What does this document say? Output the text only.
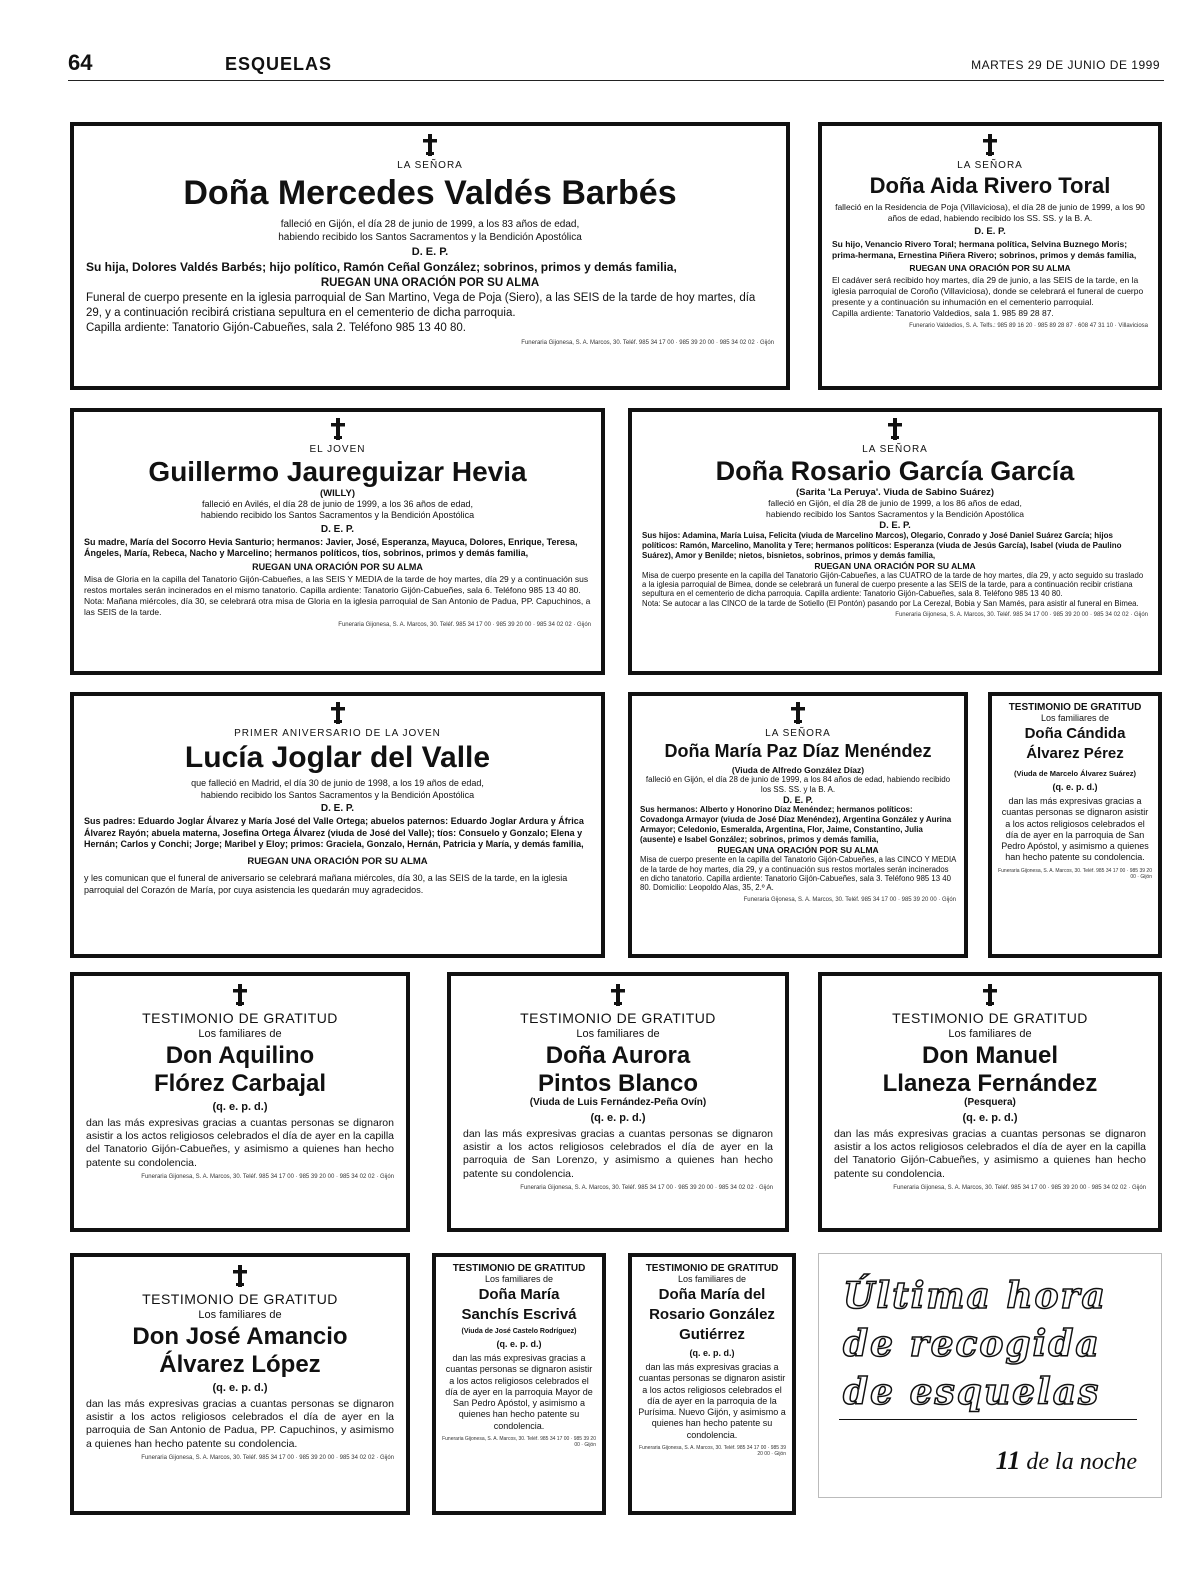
64	ESQUELAS	MARTES 29 DE JUNIO DE 1999
LA SEÑORA
Doña Mercedes Valdés Barbés
falleció en Gijón, el día 28 de junio de 1999, a los 83 años de edad,
habiendo recibido los Santos Sacramentos y la Bendición Apostólica
D. E. P.
Su hija, Dolores Valdés Barbés; hijo político, Ramón Ceñal González; sobrinos, primos y demás familia,
RUEGAN UNA ORACIÓN POR SU ALMA
Funeral de cuerpo presente en la iglesia parroquial de San Martino, Vega de Poja (Siero), a las SEIS de la tarde de hoy martes, día 29, y a continuación recibirá cristiana sepultura en el cementerio de dicha parroquia.
Capilla ardiente: Tanatorio Gijón-Cabueñes, sala 2. Teléfono 985 13 40 80.
Funeraria Gijonesa, S. A. Marcos, 30. Teléf. 985 34 17 00 · 985 39 20 00 · 985 34 02 02 · Gijón
LA SEÑORA
Doña Aida Rivero Toral
falleció en la Residencia de Poja (Villaviciosa), el día 28 de junio de 1999, a los 90 años de edad, habiendo recibido los SS. SS. y la B. A.
D. E. P.
Su hijo, Venancio Rivero Toral; hermana política, Selvina Buznego Moris; prima-hermana, Ernestina Piñera Rivero; sobrinos, primos y demás familia,
RUEGAN UNA ORACIÓN POR SU ALMA
El cadáver será recibido hoy martes, día 29 de junio, a las SEIS de la tarde, en la iglesia parroquial de Coroño (Villaviciosa), donde se celebrará el funeral de cuerpo presente y a continuación su inhumación en el cementerio parroquial.
Capilla ardiente: Tanatorio Valdedios, sala 1. 985 89 28 87.
Funerario Valdedios, S. A. Telfs.: 985 89 16 20 · 985 89 28 87 · 608 47 31 10 · Villaviciosa
EL JOVEN
Guillermo Jaureguizar Hevia
(WILLY)
falleció en Avilés, el día 28 de junio de 1999, a los 36 años de edad,
habiendo recibido los Santos Sacramentos y la Bendición Apostólica
D. E. P.
Su madre, María del Socorro Hevia Santurio; hermanos: Javier, José, Esperanza, Mayuca, Dolores, Enrique, Teresa, Ángeles, María, Rebeca, Nacho y Marcelino; hermanos políticos, tíos, sobrinos, primos y demás familia,
RUEGAN UNA ORACIÓN POR SU ALMA
Misa de Gloria en la capilla del Tanatorio Gijón-Cabueñes, a las SEIS Y MEDIA de la tarde de hoy martes, día 29 y a continuación sus restos mortales serán incinerados en el mismo tanatorio. Capilla ardiente: Tanatorio Gijón-Cabueñes, sala 6. Teléfono 985 13 40 80.
Nota: Mañana miércoles, día 30, se celebrará otra misa de Gloria en la iglesia parroquial de San Antonio de Padua, PP. Capuchinos, a las SEIS de la tarde.
Funeraria Gijonesa, S. A. Marcos, 30. Teléf. 985 34 17 00 · 985 39 20 00 · 985 34 02 02 · Gijón
LA SEÑORA
Doña Rosario García García
(Sarita 'La Peruya'. Viuda de Sabino Suárez)
falleció en Gijón, el día 28 de junio de 1999, a los 86 años de edad,
habiendo recibido los Santos Sacramentos y la Bendición Apostólica
D. E. P.
Sus hijos: Adamina, María Luisa, Felicita (viuda de Marcelino Marcos), Olegario, Conrado y José Daniel Suárez García; hijos políticos: Ramón, Marcelino, Manolita y Tere; hermanos políticos: Esperanza (viuda de Jesús García), Isabel (viuda de Paulino Suárez), Amor y Benilde; nietos, bisnietos, sobrinos, primos y demás familia,
RUEGAN UNA ORACIÓN POR SU ALMA
Misa de cuerpo presente en la capilla del Tanatorio Gijón-Cabueñes, a las CUATRO de la tarde de hoy martes, día 29, y acto seguido su traslado a la iglesia parroquial de Bimea, donde se celebrará un funeral de cuerpo presente a las SEIS de la tarde, para a continuación recibir cristiana sepultura en el cementerio de dicha parroquia. Capilla ardiente: Tanatorio Gijón-Cabueñes, sala 8. Teléfono 985 13 40 80.
Nota: Se autocar a las CINCO de la tarde de Sotiello (El Pontón) pasando por La Cerezal, Bobia y San Mamés, para asistir al funeral en Bimea.
Funeraria Gijonesa, S. A. Marcos, 30. Teléf. 985 34 17 00 · 985 39 20 00 · 985 34 02 02 · Gijón
PRIMER ANIVERSARIO DE LA JOVEN
Lucía Joglar del Valle
que falleció en Madrid, el día 30 de junio de 1998, a los 19 años de edad,
habiendo recibido los Santos Sacramentos y la Bendición Apostólica
D. E. P.
Sus padres: Eduardo Joglar Álvarez y María José del Valle Ortega; abuelos paternos: Eduardo Joglar Ardura y África Álvarez Rayón; abuela materna, Josefina Ortega Álvarez (viuda de José del Valle); tíos: Consuelo y Gonzalo; Elena y Hernán; Carlos y Conchi; Jorge; Maribel y Eloy; primos: Graciela, Gonzalo, Hernán, Patricia y María, y demás familia,
RUEGAN UNA ORACIÓN POR SU ALMA
y les comunican que el funeral de aniversario se celebrará mañana miércoles, día 30, a las SEIS de la tarde, en la iglesia parroquial del Corazón de María, por cuya asistencia les quedarán muy agradecidos.
LA SEÑORA
Doña María Paz Díaz Menéndez
(Viuda de Alfredo González Díaz)
falleció en Gijón, el día 28 de junio de 1999, a los 84 años de edad, habiendo recibido los SS. SS. y la B. A.
D. E. P.
Sus hermanos: Alberto y Honorino Díaz Menéndez; hermanos políticos: Covadonga Armayor (viuda de José Díaz Menéndez), Argentina González y Aurina Armayor; Celedonio, Esmeralda, Argentina, Flor, Jaime, Constantino, Julia (ausente) e Isabel González; sobrinos, primos y demás familia,
RUEGAN UNA ORACIÓN POR SU ALMA
Misa de cuerpo presente en la capilla del Tanatorio Gijón-Cabueñes, a las CINCO Y MEDIA de la tarde de hoy martes, día 29, y a continuación sus restos mortales serán incinerados en dicho tanatorio. Capilla ardiente: Tanatorio Gijón-Cabueñes, sala 3. Teléfono 985 13 40 80. Domicilio: Leopoldo Alas, 35, 2.º A.
Funeraria Gijonesa, S. A. Marcos, 30. Teléf. 985 34 17 00 · 985 39 20 00 · Gijón
TESTIMONIO DE GRATITUD
Los familiares de
Doña Cándida
Álvarez Pérez
(Viuda de Marcelo Álvarez Suárez)
(q. e. p. d.)
dan las más expresivas gracias a cuantas personas se dignaron asistir a los actos religiosos celebrados el día de ayer en la parroquia de San Pedro Apóstol, y asimismo a quienes han hecho patente su condolencia.
Funeraria Gijonesa, S. A. Marcos, 30. Teléf. 985 34 17 00 · 985 39 20 00 · Gijón
TESTIMONIO DE GRATITUD
Los familiares de
Don Aquilino
Flórez Carbajal
(q. e. p. d.)
dan las más expresivas gracias a cuantas personas se dignaron asistir a los actos religiosos celebrados el día de ayer en la capilla del Tanatorio Gijón-Cabueñes, y asimismo a quienes han hecho patente su condolencia.
Funeraria Gijonesa, S. A. Marcos, 30. Teléf. 985 34 17 00 · 985 39 20 00 · 985 34 02 02 · Gijón
TESTIMONIO DE GRATITUD
Los familiares de
Doña Aurora
Pintos Blanco
(Viuda de Luis Fernández-Peña Ovín)
(q. e. p. d.)
dan las más expresivas gracias a cuantas personas se dignaron asistir a los actos religiosos celebrados el día de ayer en la parroquia de San Lorenzo, y asimismo a quienes han hecho patente su condolencia.
Funeraria Gijonesa, S. A. Marcos, 30. Teléf. 985 34 17 00 · 985 39 20 00 · 985 34 02 02 · Gijón
TESTIMONIO DE GRATITUD
Los familiares de
Don Manuel
Llaneza Fernández
(Pesquera)
(q. e. p. d.)
dan las más expresivas gracias a cuantas personas se dignaron asistir a los actos religiosos celebrados el día de ayer en la capilla del Tanatorio Gijón-Cabueñes, y asimismo a quienes han hecho patente su condolencia.
Funeraria Gijonesa, S. A. Marcos, 30. Teléf. 985 34 17 00 · 985 39 20 00 · 985 34 02 02 · Gijón
TESTIMONIO DE GRATITUD
Los familiares de
Don José Amancio
Álvarez López
(q. e. p. d.)
dan las más expresivas gracias a cuantas personas se dignaron asistir a los actos religiosos celebrados el día de ayer en la parroquia de San Antonio de Padua, PP. Capuchinos, y asimismo a quienes han hecho patente su condolencia.
Funeraria Gijonesa, S. A. Marcos, 30. Teléf. 985 34 17 00 · 985 39 20 00 · 985 34 02 02 · Gijón
TESTIMONIO DE GRATITUD
Los familiares de
Doña María
Sanchís Escrivá
(Viuda de José Castelo Rodríguez)
(q. e. p. d.)
dan las más expresivas gracias a cuantas personas se dignaron asistir a los actos religiosos celebrados el día de ayer en la parroquia Mayor de San Pedro Apóstol, y asimismo a quienes han hecho patente su condolencia.
Funeraria Gijonesa, S. A. Marcos, 30. Teléf. 985 34 17 00 · 985 39 20 00 · Gijón
TESTIMONIO DE GRATITUD
Los familiares de
Doña María del
Rosario González
Gutiérrez
(q. e. p. d.)
dan las más expresivas gracias a cuantas personas se dignaron asistir a los actos religiosos celebrados el día de ayer en la parroquia de la Purísima. Nuevo Gijón, y asimismo a quienes han hecho patente su condolencia.
Funeraria Gijonesa, S. A. Marcos, 30. Teléf. 985 34 17 00 · 985 39 20 00 · Gijón
Última hora
de recogida
de esquelas
11 de la noche
